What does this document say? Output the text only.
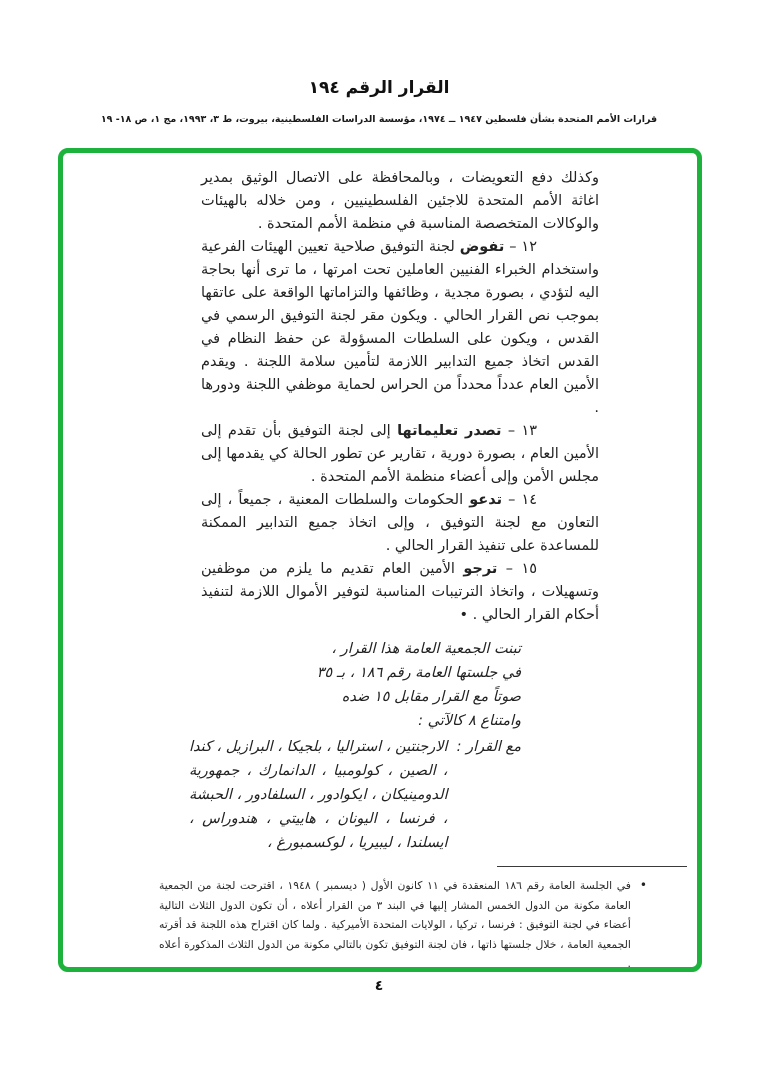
القرار الرقم ١٩٤
قرارات الأمم المتحدة بشأن فلسطين ١٩٤٧ ــ ١٩٧٤، مؤسسة الدراسات الفلسطينية، بيروت، ط ٣، ١٩٩٣، مج ١، ص ١٨- ١٩

وكذلك دفع التعويضات ، وبالمحافظة على الاتصال الوثيق بمدير اغاثة الأمم المتحدة للاجئين الفلسطينيين ، ومن خلاله بالهيئات والوكالات المتخصصة المناسبة في منظمة الأمم المتحدة .

١٢ – تفوض لجنة التوفيق صلاحية تعيين الهيئات الفرعية واستخدام الخبراء الفنيين العاملين تحت امرتها ، ما ترى أنها بحاجة اليه لتؤدي ، بصورة مجدية ، وظائفها والتزاماتها الواقعة على عاتقها بموجب نص القرار الحالي . ويكون مقر لجنة التوفيق الرسمي في القدس ، ويكون على السلطات المسؤولة عن حفظ النظام في القدس اتخاذ جميع التدابير اللازمة لتأمين سلامة اللجنة . ويقدم الأمين العام عدداً محدداً من الحراس لحماية موظفي اللجنة ودورها .

١٣ – تصدر تعليماتها إلى لجنة التوفيق بأن تقدم إلى الأمين العام ، بصورة دورية ، تقارير عن تطور الحالة كي يقدمها إلى مجلس الأمن وإلى أعضاء منظمة الأمم المتحدة .

١٤ – تدعو الحكومات والسلطات المعنية ، جميعاً ، إلى التعاون مع لجنة التوفيق ، وإلى اتخاذ جميع التدابير الممكنة للمساعدة على تنفيذ القرار الحالي .

١٥ – ترجو الأمين العام تقديم ما يلزم من موظفين وتسهيلات ، واتخاذ الترتيبات المناسبة لتوفير الأموال اللازمة لتنفيذ أحكام القرار الحالي . •

تبنت الجمعية العامة هذا القرار ،
في جلستها العامة رقم ١٨٦ ، بـ ٣٥
صوتاً مع القرار مقابل ١٥ ضده
وامتناع ٨ كالآتي :
مع القرار :
الارجنتين ، استراليا ، بلجيكا ، البرازيل ، كندا ، الصين ، كولومبيا ، الدانمارك ، جمهورية الدومينيكان ، ايكوادور ، السلفادور ، الحبشة ، فرنسا ، اليونان ، هاييتي ، هندوراس ، ايسلندا ، ليبيريا ، لوكسمبورغ ،
•
في الجلسة العامة رقم ١٨٦ المنعقدة في ١١ كانون الأول ( ديسمبر ) ١٩٤٨ ، اقترحت لجنة من الجمعية العامة مكونة من الدول الخمس المشار إليها في البند ٣ من القرار أعلاه ، أن تكون الدول الثلاث التالية أعضاء في لجنة التوفيق : فرنسا ، تركيا ، الولايات المتحدة الأميركية . ولما كان اقتراح هذه اللجنة قد أقرته الجمعية العامة ، خلال جلستها ذاتها ، فان لجنة التوفيق تكون بالتالي مكونة من الدول الثلاث المذكورة أعلاه .
٤
